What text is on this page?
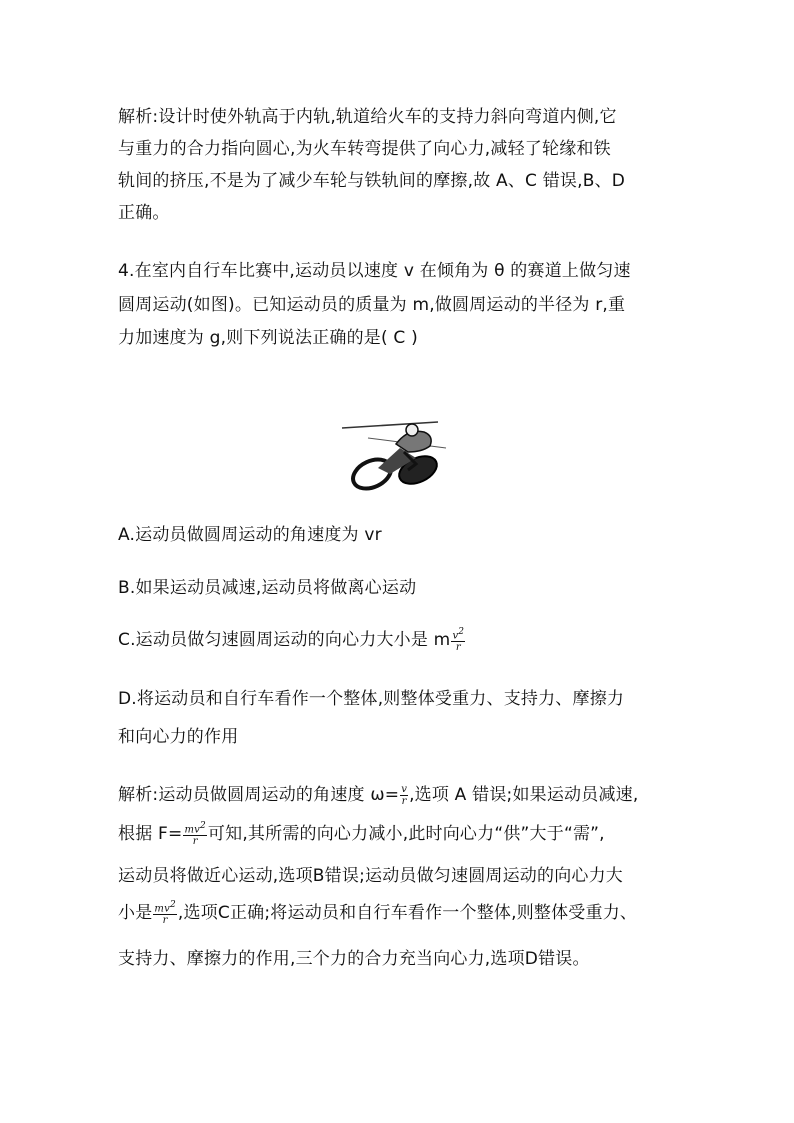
解析:设计时使外轨高于内轨,轨道给火车的支持力斜向弯道内侧,它
与重力的合力指向圆心,为火车转弯提供了向心力,减轻了轮缘和铁
轨间的挤压,不是为了减少车轮与铁轨间的摩擦,故 A、C 错误,B、D
正确。
4.在室内自行车比赛中,运动员以速度 v 在倾角为 θ 的赛道上做匀速
圆周运动(如图)。已知运动员的质量为 m,做圆周运动的半径为 r,重
力加速度为 g,则下列说法正确的是( C )
A.运动员做圆周运动的角速度为 vr
B.如果运动员减速,运动员将做离心运动
C.运动员做匀速圆周运动的向心力大小是 m $\frac{v2}{r}$
D.将运动员和自行车看作一个整体,则整体受重力、支持力、摩擦力
和向心力的作用
解析:运动员做圆周运动的角速度 $\omega= \frac{v}{r}$ ,选项 A 错误;如果运动员减速,
根据 $F= \frac{mv2}{r}$ 可知,其所需的向心力减小,此时向心力“供”大于“需”,
运动员将做近心运动,选项B错误;运动员做匀速圆周运动的向心力大
小是 $\frac{mv2}{r}$ ,选项C正确;将运动员和自行车看作一个整体,则整体受重力、
支持力、摩擦力的作用,三个力的合力充当向心力,选项D错误。
